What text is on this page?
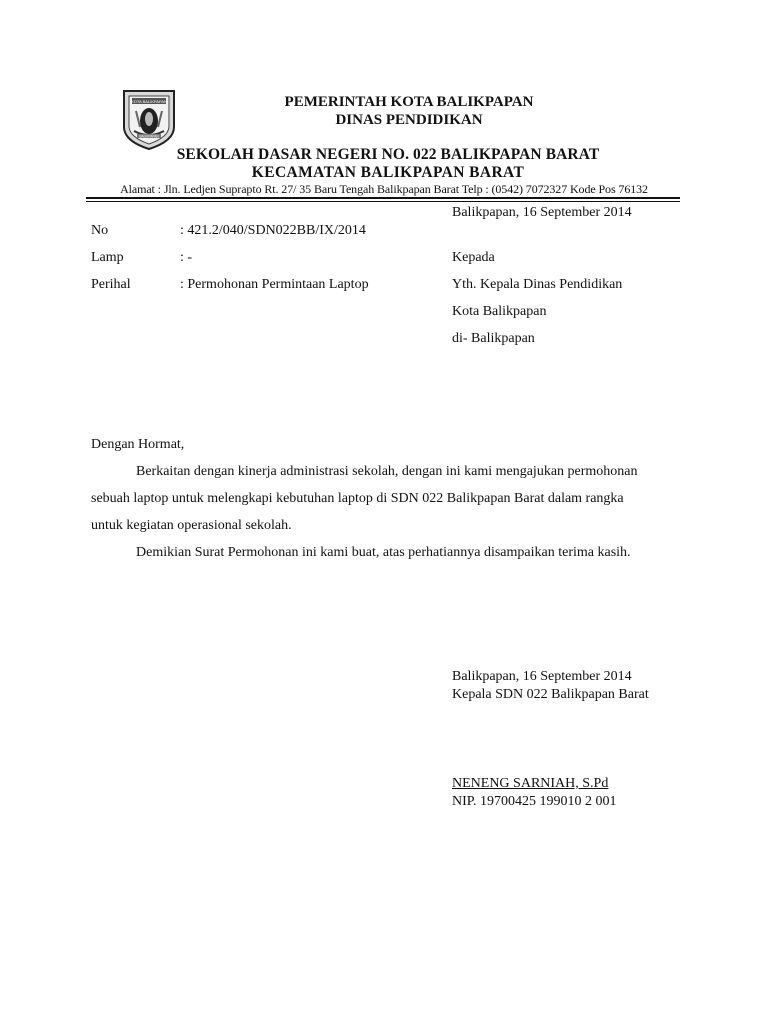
KOTA BALIKPAPAN
BALIKPAPAN
PEMERINTAH KOTA BALIKPAPAN
DINAS PENDIDIKAN
SEKOLAH DASAR NEGERI NO. 022 BALIKPAPAN BARAT
KECAMATAN BALIKPAPAN BARAT
Alamat : Jln. Ledjen Suprapto Rt. 27/ 35 Baru Tengah Balikpapan Barat Telp : (0542) 7072327 Kode Pos 76132
Balikpapan, 16 September 2014
No	: 421.2/040/SDN022BB/IX/2014
Lamp	: -
Perihal	: Permohonan Permintaan Laptop
Kepada
Yth. Kepala Dinas Pendidikan
Kota Balikpapan
di- Balikpapan
Dengan Hormat,
Berkaitan dengan kinerja administrasi sekolah, dengan ini kami mengajukan permohonan
sebuah laptop untuk melengkapi kebutuhan laptop di SDN 022 Balikpapan Barat dalam rangka
untuk kegiatan operasional sekolah.
Demikian Surat Permohonan ini kami buat, atas perhatiannya disampaikan terima kasih.
Balikpapan, 16 September 2014
Kepala SDN 022 Balikpapan Barat
NENENG SARNIAH, S.Pd
NIP. 19700425 199010 2 001
